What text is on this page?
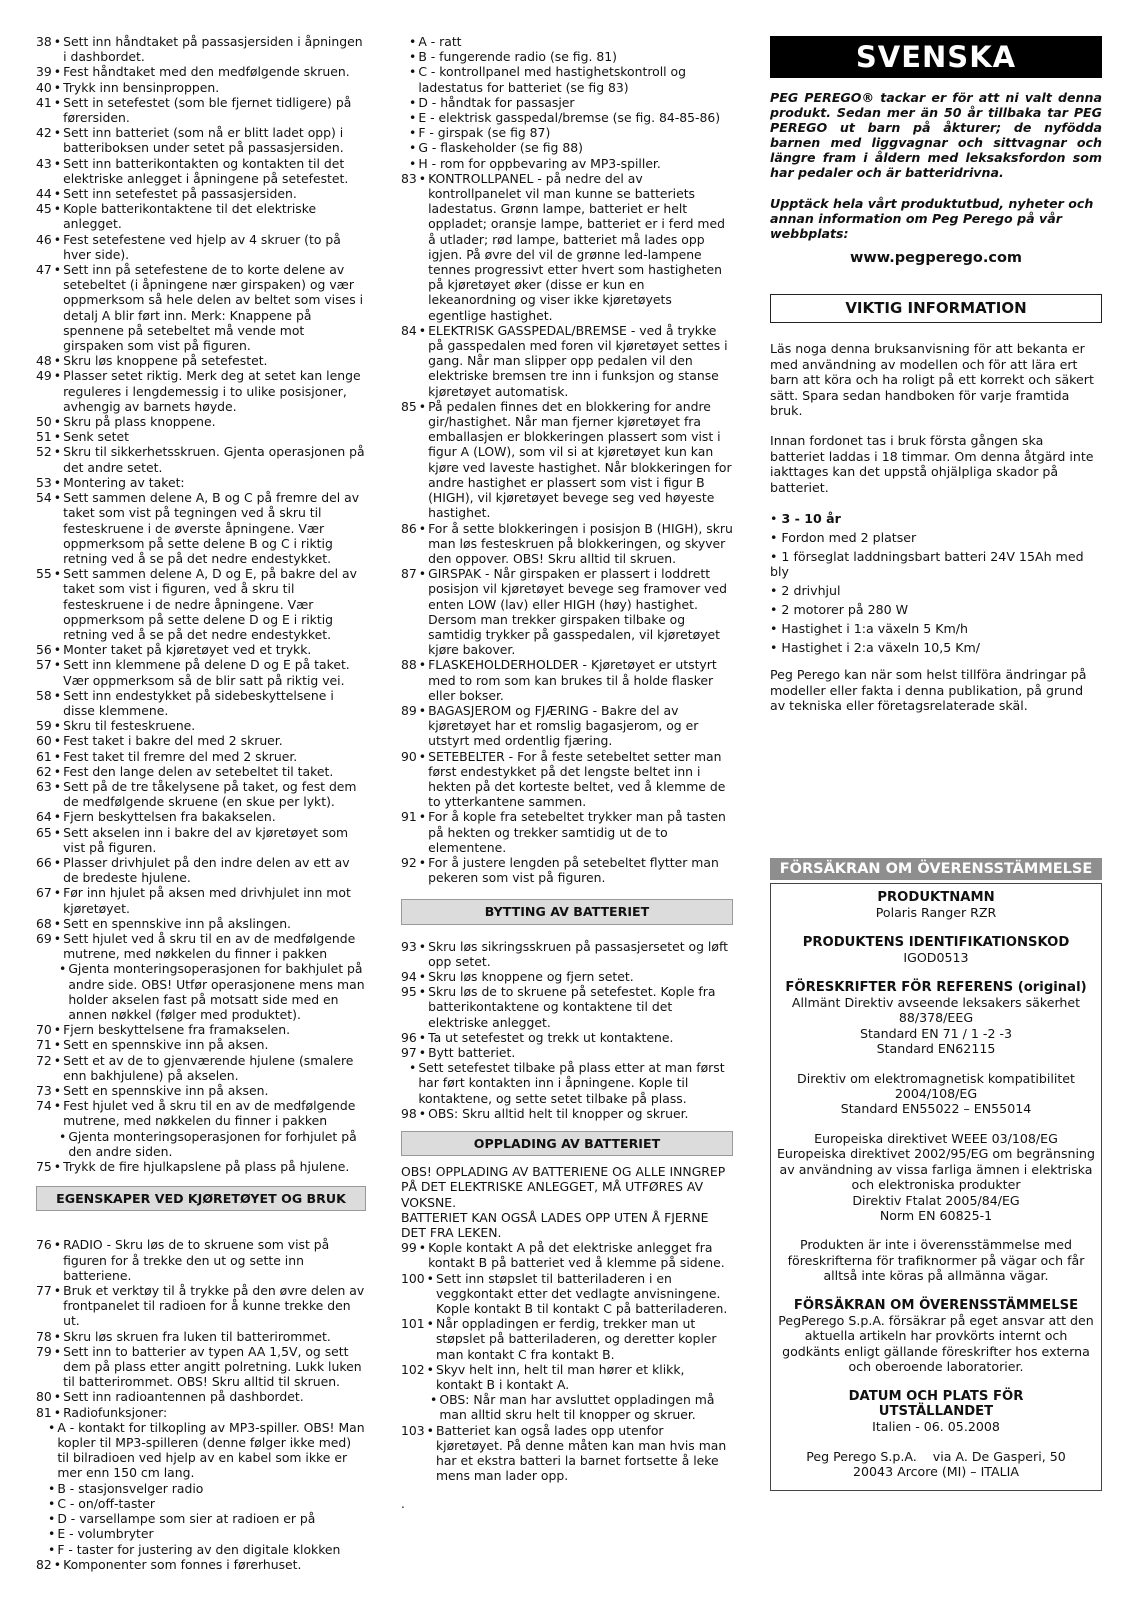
38 • Sett inn håndtaket på passasjersiden i åpningen i dashbordet.
39 • Fest håndtaket med den medfølgende skruen.
40 • Trykk inn bensinproppen.
41 • Sett in setefestet (som ble fjernet tidligere) på førersiden.
42 • Sett inn batteriet (som nå er blitt ladet opp) i batteriboksen under setet på passasjersiden.
43 • Sett inn batterikontakten og kontakten til det elektriske anlegget i åpningene på setefestet.
44 • Sett inn setefestet på passasjersiden.
45 • Kople batterikontaktene til det elektriske anlegget.
46 • Fest setefestene ved hjelp av 4 skruer (to på hver side).
47 • Sett inn på setefestene de to korte delene av setebeltet (i åpningene nær girspaken) og vær oppmerksom så hele delen av beltet som vises i detalj A blir ført inn. Merk: Knappene på spennene på setebeltet må vende mot girspaken som vist på figuren.
48 • Skru løs knoppene på setefestet.
49 • Plasser setet riktig. Merk deg at setet kan lenge reguleres i lengdemessig i to ulike posisjoner, avhengig av barnets høyde.
50 • Skru på plass knoppene.
51 • Senk setet
52 • Skru til sikkerhetsskruen. Gjenta operasjonen på det andre setet.
53 • Montering av taket:
54 • Sett sammen delene A, B og C på fremre del av taket som vist på tegningen ved å skru til festeskruene i de øverste åpningene. Vær oppmerksom på sette delene B og C i riktig retning ved å se på det nedre endestykket.
55 • Sett sammen delene A, D og E, på bakre del av taket som vist i figuren, ved å skru til festeskruene i de nedre åpningene. Vær oppmerksom på sette delene D og E i riktig retning ved å se på det nedre endestykket.
56 • Monter taket på kjøretøyet ved et trykk.
57 • Sett inn klemmene på delene D og E på taket. Vær oppmerksom så de blir satt på riktig vei.
58 • Sett inn endestykket på sidebeskyttelsene i disse klemmene.
59 • Skru til festeskruene.
60 • Fest taket i bakre del med 2 skruer.
61 • Fest taket til fremre del med 2 skruer.
62 • Fest den lange delen av setebeltet til taket.
63 • Sett på de tre tåkelysene på taket, og fest dem de medfølgende skruene (en skue per lykt).
64 • Fjern beskyttelsen fra bakakselen.
65 • Sett akselen inn i bakre del av kjøretøyet som vist på figuren.
66 • Plasser drivhjulet på den indre delen av ett av de bredeste hjulene.
67 • Før inn hjulet på aksen med drivhjulet inn mot kjøretøyet.
68 • Sett en spennskive inn på akslingen.
69 • Sett hjulet ved å skru til en av de medfølgende mutrene, med nøkkelen du finner i pakken
• Gjenta monteringsoperasjonen for bakhjulet på andre side. OBS! Utfør operasjonene mens man holder akselen fast på motsatt side med en annen nøkkel (følger med produktet).
70 • Fjern beskyttelsene fra framakselen.
71 • Sett en spennskive inn på aksen.
72 • Sett et av de to gjenværende hjulene (smalere enn bakhjulene) på akselen.
73 • Sett en spennskive inn på aksen.
74 • Fest hjulet ved å skru til en av de medfølgende mutrene, med nøkkelen du finner i pakken
• Gjenta monteringsoperasjonen for forhjulet på den andre siden.
75 • Trykk de fire hjulkapslene på plass på hjulene.
EGENSKAPER VED KJØRETØYET OG BRUK
76 • RADIO - Skru løs de to skruene som vist på figuren for å trekke den ut og sette inn batteriene.
77 • Bruk et verktøy til å trykke på den øvre delen av frontpanelet til radioen for å kunne trekke den ut.
78 • Skru løs skruen fra luken til batterirommet.
79 • Sett inn to batterier av typen AA 1,5V, og sett dem på plass etter angitt polretning. Lukk luken til batterirommet. OBS! Skru alltid til skruen.
80 • Sett inn radioantennen på dashbordet.
81 • Radiofunksjoner:
• A - kontakt for tilkopling av MP3-spiller. OBS! Man kopler til MP3-spilleren (denne følger ikke med) til bilradioen ved hjelp av en kabel som ikke er mer enn 150 cm lang.
• B - stasjonsvelger radio
• C - on/off-taster
• D - varsellampe som sier at radioen er på
• E - volumbryter
• F - taster for justering av den digitale klokken
82 • Komponenter som fonnes i førerhuset.
• A - ratt
• B - fungerende radio (se fig. 81)
• C - kontrollpanel med hastighetskontroll og ladestatus for batteriet (se fig 83)
• D - håndtak for passasjer
• E - elektrisk gasspedal/bremse (se fig. 84-85-86)
• F - girspak (se fig 87)
• G - flaskeholder (se fig 88)
• H - rom for oppbevaring av MP3-spiller.
83 • KONTROLLPANEL - på nedre del av kontrollpanelet vil man kunne se batteriets ladestatus. Grønn lampe, batteriet er helt oppladet; oransje lampe, batteriet er i ferd med å utlader; rød lampe, batteriet må lades opp igjen. På øvre del vil de grønne led-lampene tennes progressivt etter hvert som hastigheten på kjøretøyet øker (disse er kun en lekeanordning og viser ikke kjøretøyets egentlige hastighet.
84 • ELEKTRISK GASSPEDAL/BREMSE - ved å trykke på gasspedalen med foren vil kjøretøyet settes i gang. Når man slipper opp pedalen vil den elektriske bremsen tre inn i funksjon og stanse kjøretøyet automatisk.
85 • På pedalen finnes det en blokkering for andre gir/hastighet. Når man fjerner kjøretøyet fra emballasjen er blokkeringen plassert som vist i figur A (LOW), som vil si at kjøretøyet kun kan kjøre ved laveste hastighet. Når blokkeringen for andre hastighet er plassert som vist i figur B (HIGH), vil kjøretøyet bevege seg ved høyeste hastighet.
86 • For å sette blokkeringen i posisjon B (HIGH), skru man løs festeskruen på blokkeringen, og skyver den oppover. OBS! Skru alltid til skruen.
87 • GIRSPAK - Når girspaken er plassert i loddrett posisjon vil kjøretøyet bevege seg framover ved enten LOW (lav) eller HIGH (høy) hastighet. Dersom man trekker girspaken tilbake og samtidig trykker på gasspedalen, vil kjøretøyet kjøre bakover.
88 • FLASKEHOLDERHOLDER - Kjøretøyet er utstyrt med to rom som kan brukes til å holde flasker eller bokser.
89 • BAGASJEROM og FJÆRING - Bakre del av kjøretøyet har et romslig bagasjerom, og er utstyrt med ordentlig fjæring.
90 • SETEBELTER - For å feste setebeltet setter man først endestykket på det lengste beltet inn i hekten på det korteste beltet, ved å klemme de to ytterkantene sammen.
91 • For å kople fra setebeltet trykker man på tasten på hekten og trekker samtidig ut de to elementene.
92 • For å justere lengden på setebeltet flytter man pekeren som vist på figuren.
BYTTING AV BATTERIET
93 • Skru løs sikringsskruen på passasjersetet og løft opp setet.
94 • Skru løs knoppene og fjern setet.
95 • Skru løs de to skruene på setefestet. Kople fra batterikontaktene og kontaktene til det elektriske anlegget.
96 • Ta ut setefestet og trekk ut kontaktene.
97 • Bytt batteriet.
• Sett setefestet tilbake på plass etter at man først har ført kontakten inn i åpningene. Kople til kontaktene, og sette setet tilbake på plass.
98 • OBS: Skru alltid helt til knopper og skruer.
OPPLADING AV BATTERIET

OBS! OPPLADING AV BATTERIENE OG ALLE INNGREP PÅ DET ELEKTRISKE ANLEGGET, MÅ UTFØRES AV VOKSNE.

BATTERIET KAN OGSÅ LADES OPP UTEN Å FJERNE DET FRA LEKEN.

99 • Kople kontakt A på det elektriske anlegget fra kontakt B på batteriet ved å klemme på sidene.
100 • Sett inn støpslet til batteriladeren i en veggkontakt etter det vedlagte anvisningene. Kople kontakt B til kontakt C på batteriladeren.
101 • Når oppladingen er ferdig, trekker man ut støpslet på batteriladeren, og deretter kopler man kontakt C fra kontakt B.
102 • Skyv helt inn, helt til man hører et klikk, kontakt B i kontakt A.
• OBS: Når man har avsluttet oppladingen må man alltid skru helt til knopper og skruer.
103 • Batteriet kan også lades opp utenfor kjøretøyet. På denne måten kan man hvis man har et ekstra batteri la barnet fortsette å leke mens man lader opp.
.
SVENSKA
PEG PEREGO® tackar er för att ni valt denna produkt. Sedan mer än 50 år tillbaka tar PEG PEREGO ut barn på åkturer; de nyfödda barnen med liggvagnar och sittvagnar och längre fram i åldern med leksaksfordon som har pedaler och är batteridrivna.
Upptäck hela vårt produktutbud, nyheter och annan information om Peg Perego på vår webbplats:
www.pegperego.com
VIKTIG INFORMATION
Läs noga denna bruksanvisning för att bekanta er med användning av modellen och för att lära ert barn att köra och ha roligt på ett korrekt och säkert sätt. Spara sedan handboken för varje framtida bruk.
Innan fordonet tas i bruk första gången ska batteriet laddas i 18 timmar. Om denna åtgärd inte iakttages kan det uppstå ohjälpliga skador på batteriet.
• 3 - 10 år
• Fordon med 2 platser
• 1 förseglat laddningsbart batteri 24V 15Ah med bly
• 2 drivhjul
• 2 motorer på 280 W
• Hastighet i 1:a växeln 5 Km/h
• Hastighet i 2:a växeln 10,5 Km/
Peg Perego kan när som helst tillföra ändringar på modeller eller fakta i denna publikation, på grund av tekniska eller företagsrelaterade skäl.
FÖRSÄKRAN OM ÖVERENSSTÄMMELSE
PRODUKTNAMN
Polaris Ranger RZR
PRODUKTENS IDENTIFIKATIONSKOD
IGOD0513
FÖRESKRIFTER FÖR REFERENS (original)
Allmänt Direktiv avseende leksakers säkerhet
88/378/EEG
Standard EN 71 / 1 -2 -3
Standard EN62115
Direktiv om elektromagnetisk kompatibilitet
2004/108/EG
Standard EN55022 – EN55014
Europeiska direktivet WEEE 03/108/EG
Europeiska direktivet 2002/95/EG om begränsning
av användning av vissa farliga ämnen i elektriska
och elektroniska produkter
Direktiv Ftalat 2005/84/EG
Norm EN 60825-1
Produkten är inte i överensstämmelse med
föreskrifterna för trafiknormer på vägar och får
alltså inte köras på allmänna vägar.
FÖRSÄKRAN OM ÖVERENSSTÄMMELSE
PegPerego S.p.A. försäkrar på eget ansvar att den
aktuella artikeln har provkörts internt och
godkänts enligt gällande föreskrifter hos externa
och oberoende laboratorier.
DATUM OCH PLATS FÖR
UTSTÄLLANDET
Italien - 06. 05.2008
Peg Perego S.p.A.    via A. De Gasperi, 50
20043 Arcore (MI) – ITALIA
